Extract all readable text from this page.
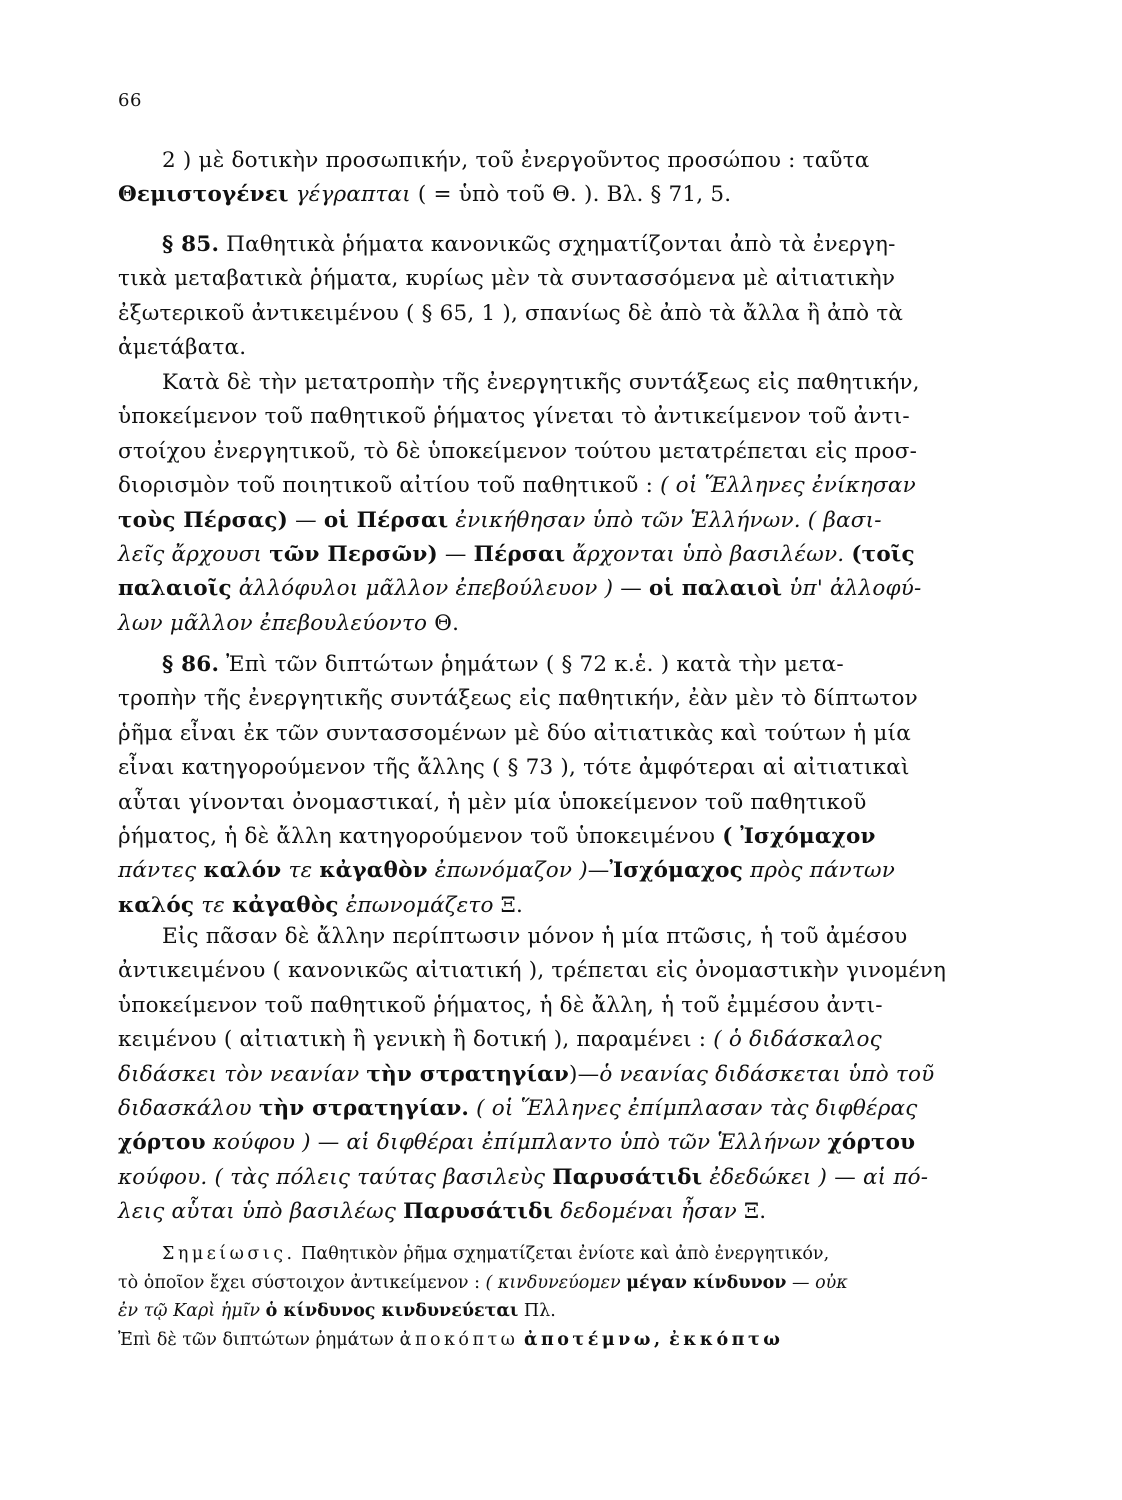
66
2 ) μὲ δοτικὴν προσωπικήν, τοῦ ἐνεργοῦντος προσώπου : ταῦτα
Θεμιστογένει γέγραπται ( = ὑπὸ τοῦ Θ. ). Βλ. § 71, 5.
§ 85. Παθητικὰ ῥήματα κανονικῶς σχηματίζονται ἀπὸ τὰ ἐνεργη-
τικὰ μεταβατικὰ ῥήματα, κυρίως μὲν τὰ συντασσόμενα μὲ αἰτιατικὴν
ἐξωτερικοῦ ἀντικειμένου ( § 65, 1 ), σπανίως δὲ ἀπὸ τὰ ἄλλα ἢ ἀπὸ τὰ
ἀμετάβατα.
Κατὰ δὲ τὴν μετατροπὴν τῆς ἐνεργητικῆς συντάξεως εἰς παθητικήν,
ὑποκείμενον τοῦ παθητικοῦ ῥήματος γίνεται τὸ ἀντικείμενον τοῦ ἀντι-
στοίχου ἐνεργητικοῦ, τὸ δὲ ὑποκείμενον τούτου μετατρέπεται εἰς προσ-
διορισμὸν τοῦ ποιητικοῦ αἰτίου τοῦ παθητικοῦ : ( οἱ Ἕλληνες ἐνίκησαν
τοὺς Πέρσας) — οἱ Πέρσαι ἐνικήθησαν ὑπὸ τῶν Ἑλλήνων. ( βασι-
λεῖς ἄρχουσι τῶν Περσῶν) — Πέρσαι ἄρχονται ὑπὸ βασιλέων. (τοῖς
παλαιοῖς ἀλλόφυλοι μᾶλλον ἐπεβούλευον ) — οἱ παλαιοὶ ὑπ' ἀλλοφύ-
λων μᾶλλον ἐπεβουλεύοντο Θ.
§ 86. Ἐπὶ τῶν διπτώτων ῥημάτων ( § 72 κ.ἑ. ) κατὰ τὴν μετα-
τροπὴν τῆς ἐνεργητικῆς συντάξεως εἰς παθητικήν, ἐὰν μὲν τὸ δίπτωτον
ῥῆμα εἶναι ἐκ τῶν συντασσομένων μὲ δύο αἰτιατικὰς καὶ τούτων ἡ μία
εἶναι κατηγορούμενον τῆς ἄλλης ( § 73 ), τότε ἀμφότεραι αἱ αἰτιατικαὶ
αὗται γίνονται ὀνομαστικαί, ἡ μὲν μία ὑποκείμενον τοῦ παθητικοῦ
ῥήματος, ἡ δὲ ἄλλη κατηγορούμενον τοῦ ὑποκειμένου ( Ἰσχόμαχον
πάντες καλόν τε κἀγαθὸν ἐπωνόμαζον )—Ἰσχόμαχος πρὸς πάντων
καλός τε κἀγαθὸς ἐπωνομάζετο Ξ.
Εἰς πᾶσαν δὲ ἄλλην περίπτωσιν μόνον ἡ μία πτῶσις, ἡ τοῦ ἀμέσου
ἀντικειμένου ( κανονικῶς αἰτιατική ), τρέπεται εἰς ὀνομαστικὴν γινομένη
ὑποκείμενον τοῦ παθητικοῦ ῥήματος, ἡ δὲ ἄλλη, ἡ τοῦ ἐμμέσου ἀντι-
κειμένου ( αἰτιατικὴ ἢ γενικὴ ἢ δοτική ), παραμένει : ( ὁ διδάσκαλος
διδάσκει τὸν νεανίαν τὴν στρατηγίαν)—ὁ νεανίας διδάσκεται ὑπὸ τοῦ
διδασκάλου τὴν στρατηγίαν. ( οἱ Ἕλληνες ἐπίμπλασαν τὰς διφθέρας
χόρτου κούφου ) — αἱ διφθέραι ἐπίμπλαντο ὑπὸ τῶν Ἑλλήνων χόρτου
κούφου. ( τὰς πόλεις ταύτας βασιλεὺς Παρυσάτιδι ἐδεδώκει ) — αἱ πό-
λεις αὗται ὑπὸ βασιλέως Παρυσάτιδι δεδομέναι ἦσαν Ξ.
Σημείωσις. Παθητικὸν ῥῆμα σχηματίζεται ἐνίοτε καὶ ἀπὸ ἐνεργητικόν,
τὸ ὁποῖον ἔχει σύστοιχον ἀντικείμενον : ( κινδυνεύομεν μέγαν κίνδυνον — οὐκ
ἐν τῷ Καρὶ ἡμῖν ὁ κίνδυνος κινδυνεύεται Πλ.
Ἐπὶ δὲ τῶν διπτώτων ῥημάτων ἀποκόπτω ἀποτέμνω, ἐκκόπτω
